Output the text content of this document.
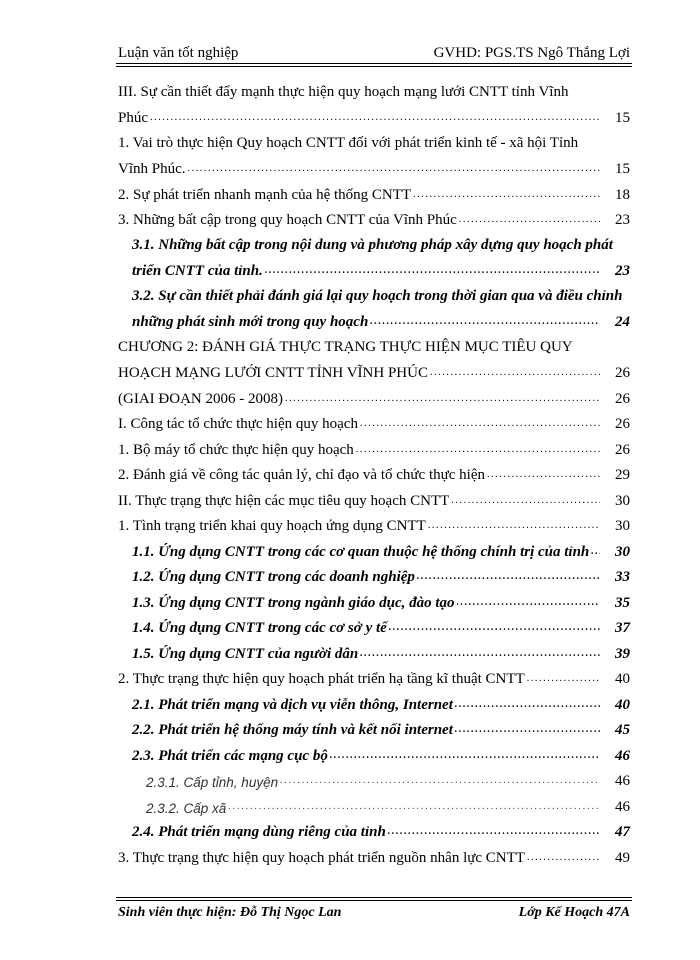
Luận văn tốt nghiệp	GVHD: PGS.TS Ngô Thắng Lợi
III. Sự cần thiết đẩy mạnh thực hiện quy hoạch mạng lưới CNTT tỉnh Vĩnh
Phúc .....	15
1. Vai trò thực hiện Quy hoạch CNTT đối với phát triển kinh tế - xã hội Tỉnh
Vĩnh Phúc. .....	15
2. Sự phát triển nhanh mạnh của hệ thống CNTT .....	18
3. Những bất cập trong quy hoạch CNTT của Vĩnh Phúc .....	23
3.1. Những bất cập trong nội dung và phương pháp xây dựng quy hoạch phát
triển CNTT của tỉnh. .....	23
3.2. Sự cần thiết phải đánh giá lại quy hoạch trong thời gian qua và điều chỉnh
những phát sinh mới trong quy hoạch .....	24
CHƯƠNG 2: ĐÁNH GIÁ THỰC TRẠNG THỰC HIỆN MỤC TIÊU QUY
HOẠCH MẠNG LƯỚI CNTT TỈNH VĨNH PHÚC .....	26
(GIAI ĐOẠN 2006 - 2008) .....	26
I. Công tác tổ chức thực hiện quy hoạch .....	26
1. Bộ máy tổ chức thực hiện quy hoạch .....	26
2. Đánh giá về công tác quản lý, chỉ đạo và tổ chức thực hiện .....	29
II. Thực trạng thực hiện các mục tiêu quy hoạch CNTT .....	30
1. Tình trạng triển khai quy hoạch ứng dụng CNTT .....	30
1.1. Ứng dụng CNTT trong các cơ quan thuộc hệ thống chính trị của tỉnh .....	30
1.2. Ứng dụng CNTT trong các doanh nghiệp .....	33
1.3. Ứng dụng CNTT trong ngành giáo dục, đào tạo .....	35
1.4. Ứng dụng CNTT trong các cơ sở y tế .....	37
1.5. Ứng dụng CNTT của người dân .....	39
2. Thực trạng thực hiện quy hoạch phát triển hạ tầng kĩ thuật CNTT .....	40
2.1. Phát triển mạng và dịch vụ viễn thông, Internet .....	40
2.2. Phát triển hệ thống máy tính và kết nối internet .....	45
2.3. Phát triển các mạng cục bộ .....	46
2.3.1. Cấp tỉnh, huyện .....	46
2.3.2. Cấp xã .....	46
2.4. Phát triển mạng dùng riêng của tỉnh .....	47
3. Thực trạng thực hiện quy hoạch phát triển nguồn nhân lực CNTT .....	49
Sinh viên thực hiện: Đỗ Thị Ngọc Lan	Lớp Kế Hoạch 47A
